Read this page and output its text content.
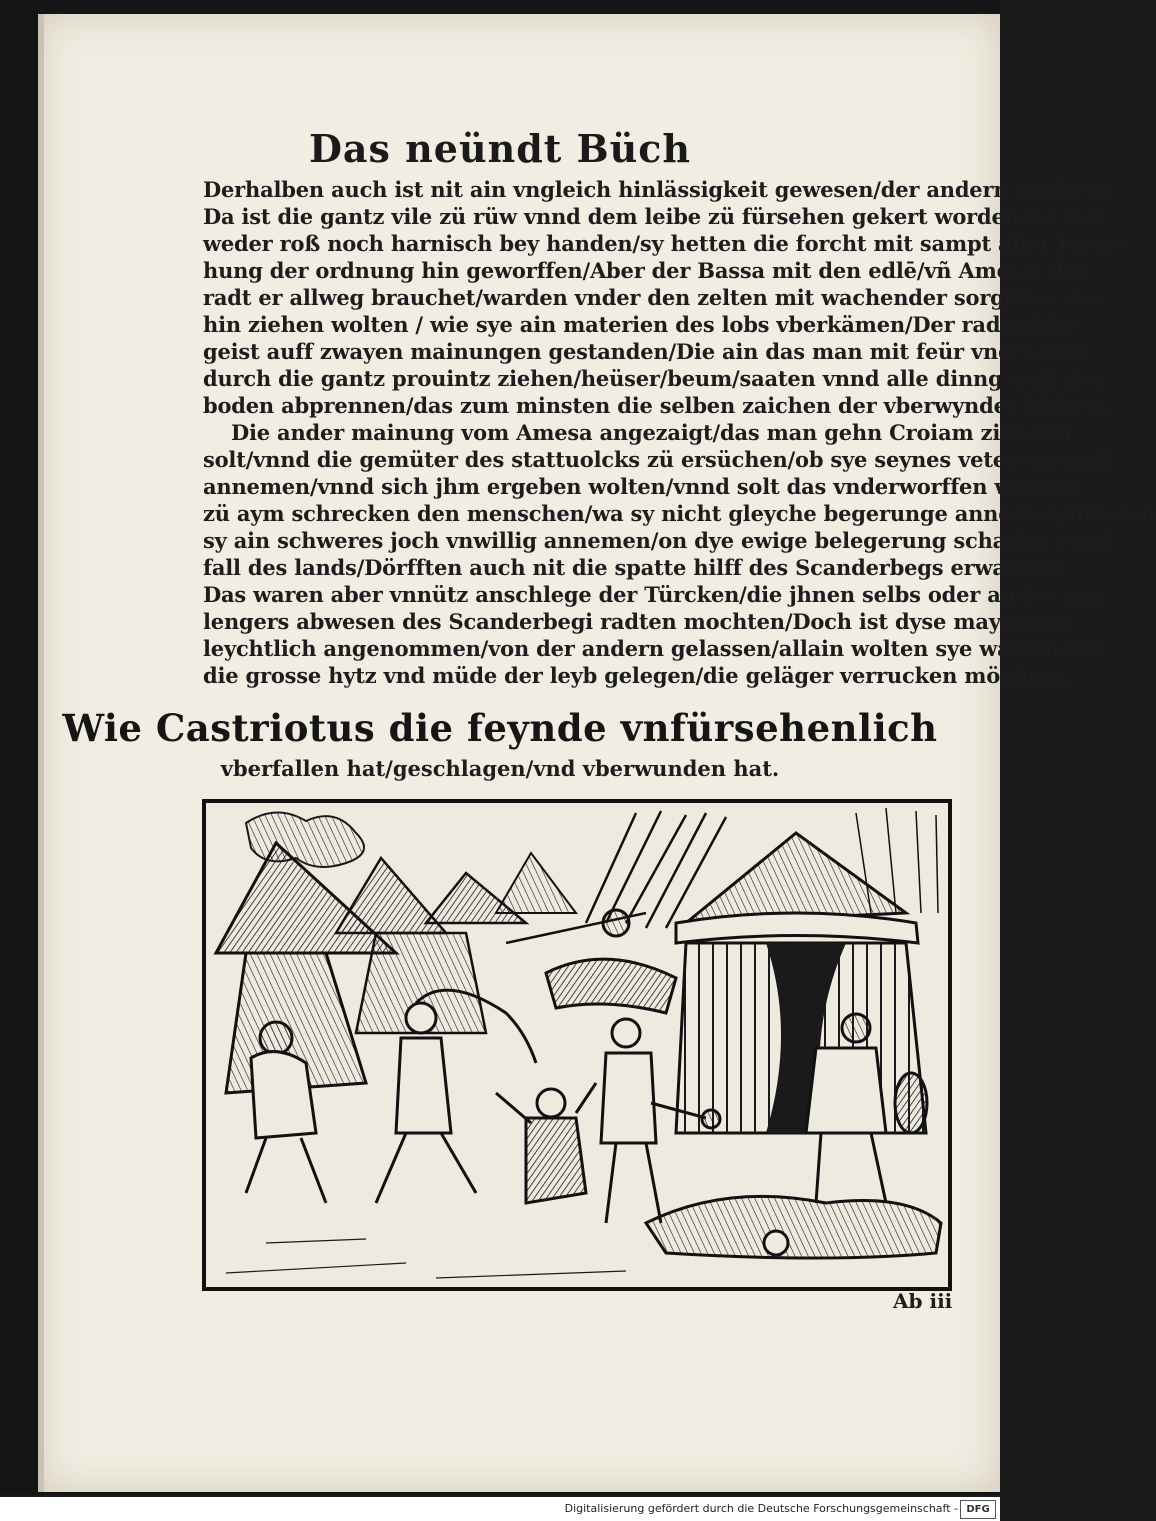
Das neündt Büch
Derhalben auch ist nit ain vngleich hinlässigkeit gewesen/der andern wachen/
Da ist die gantz vile zü rüw vnnd dem leibe zü fürsehen gekert worden/da was
weder roß noch harnisch bey handen/sy hetten die forcht mit sampt aller fürse-
hung der ordnung hin geworffen/Aber der Bassa mit den edlē/vñ Amesa/ des
radt er allweg brauchet/warden vnder den zelten mit wachender sorge/wa sye
hin ziehen wolten / wie sye ain materien des lobs vberkämen/Der radtschla-
geist auff zwayen mainungen gestanden/Die ain das man mit feür vnd wafen
durch die gantz prouintz ziehen/heüser/beum/saaten vnnd alle dinng auff den
boden abprennen/das zum minsten die selben zaichen der vberwynder blyben.
Die ander mainung vom Amesa angezaigt/das man gehn Croiam ziehenn
solt/vnnd die gemüter des stattuolcks zü ersüchen/ob sye seynes veters gewalt
annemen/vnnd sich jhm ergeben wolten/vnnd solt das vnderworffen werden
zü aym schrecken den menschen/wa sy nicht gleyche begerunge annemen/müsten
sy ain schweres joch vnwillig annemen/on dye ewige belegerung schaden vnnd
fall des lands/Dörfften auch nit die spatte hilff des Scanderbegs erwarten/
Das waren aber vnnütz anschlege der Türcken/die jhnen selbs oder ander ayn
lengers abwesen des Scanderbegi radten mochten/Doch ist dyse maynunge
leychtlich angenommen/von der andern gelassen/allain wolten sye warten biß
die grosse hytz vnd müde der leyb gelegen/die geläger verrucken möchten.
Wie Castriotus die feynde vnfürsehenlich
vberfallen hat/geschlagen/vnd vberwunden hat.
Ab iii
Digitalisierung gefördert durch die Deutsche Forschungsgemeinschaft - DFG
